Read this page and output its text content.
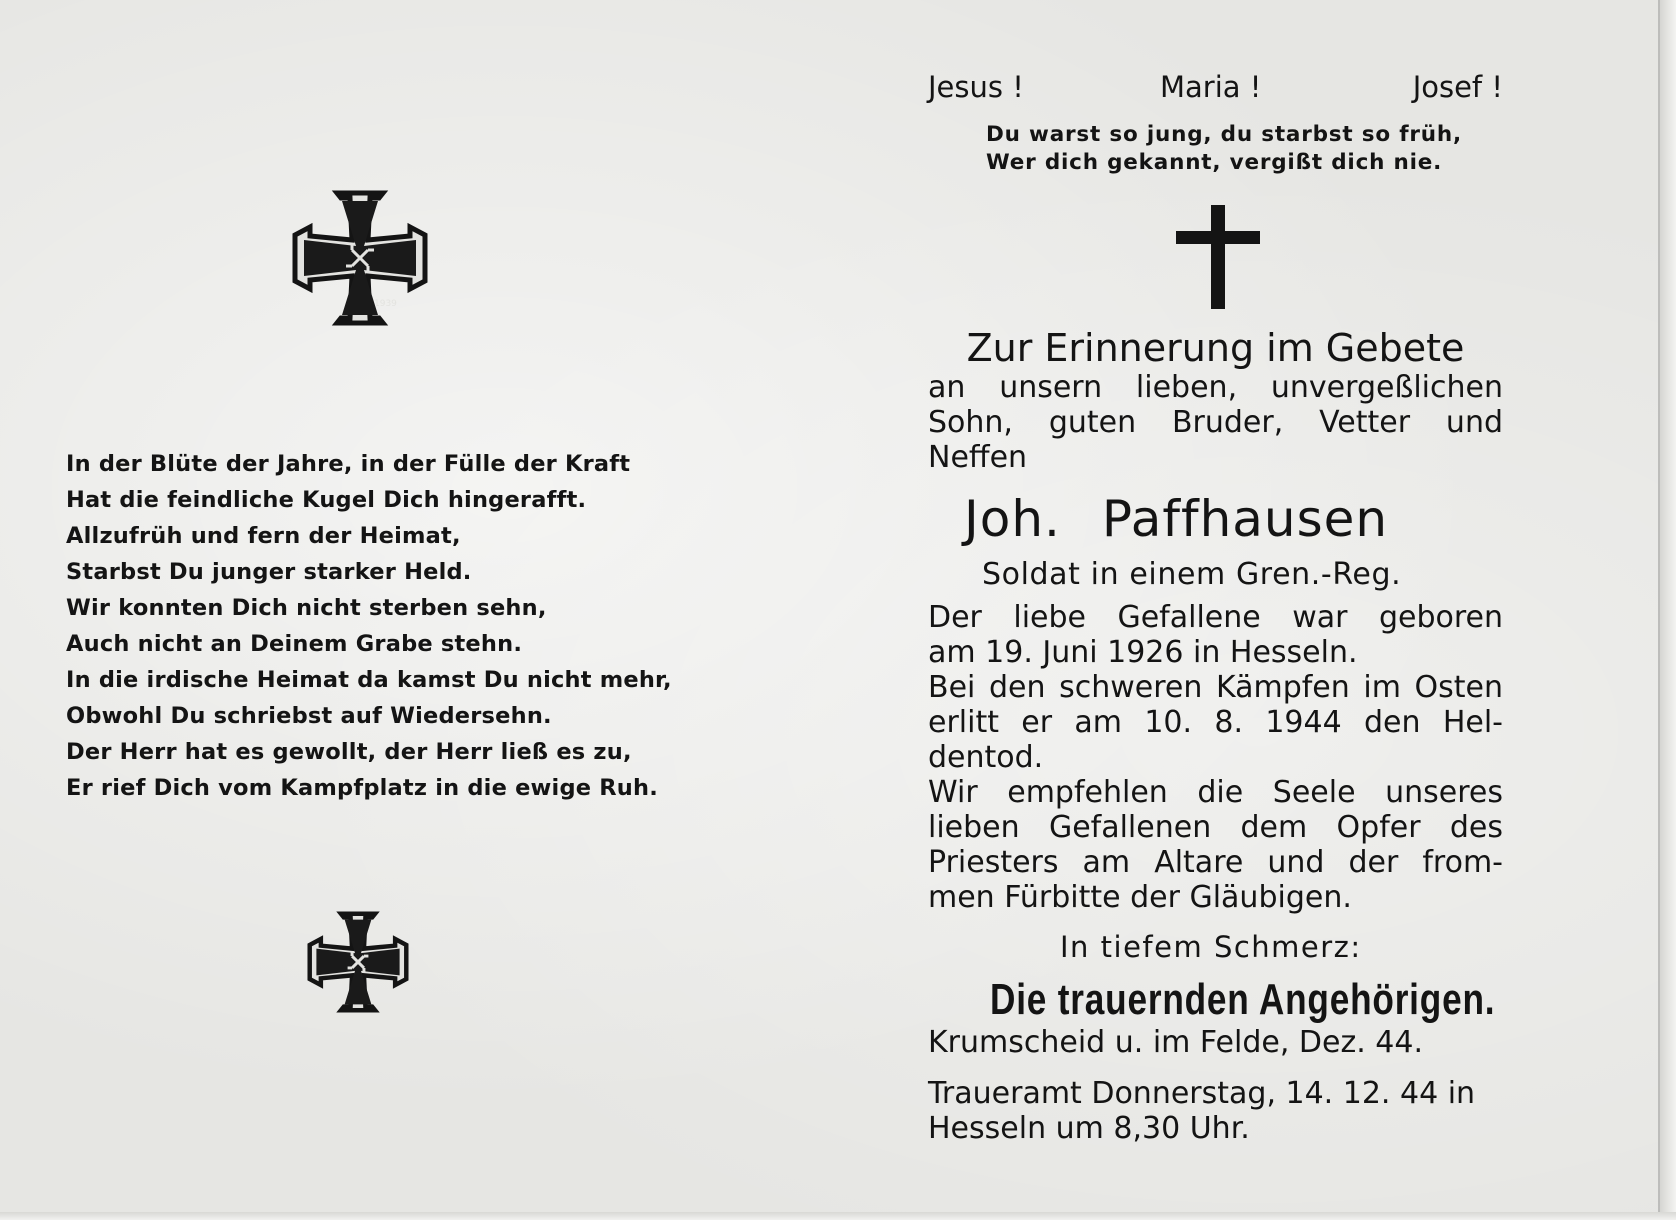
1939
In der Blüte der Jahre, in der Fülle der Kraft
Hat die feindliche Kugel Dich hingerafft.
Allzufrüh und fern der Heimat,
Starbst Du junger starker Held.
Wir konnten Dich nicht sterben sehn,
Auch nicht an Deinem Grabe stehn.
In die irdische Heimat da kamst Du nicht mehr,
Obwohl Du schriebst auf Wiedersehn.
Der Herr hat es gewollt, der Herr ließ es zu,
Er rief Dich vom Kampfplatz in die ewige Ruh.
Jesus !	Maria !	Josef !
Du warst so jung, du starbst so früh,
Wer dich gekannt, vergißt dich nie.
Zur Erinnerung im Gebete
an unsern lieben, unvergeßlichen
Sohn, guten Bruder, Vetter und
Neffen
Joh. Paffhausen
Soldat in einem Gren.-Reg.
Der liebe Gefallene war geboren
am 19. Juni 1926 in Hesseln.
Bei den schweren Kämpfen im Osten
erlitt er am 10. 8. 1944 den Hel-
dentod.
Wir empfehlen die Seele unseres
lieben Gefallenen dem Opfer des
Priesters am Altare und der from-
men Fürbitte der Gläubigen.
In tiefem Schmerz:
Die trauernden Angehörigen.
Krumscheid u. im Felde, Dez. 44.
Traueramt Donnerstag, 14. 12. 44 in
Hesseln um 8,30 Uhr.
